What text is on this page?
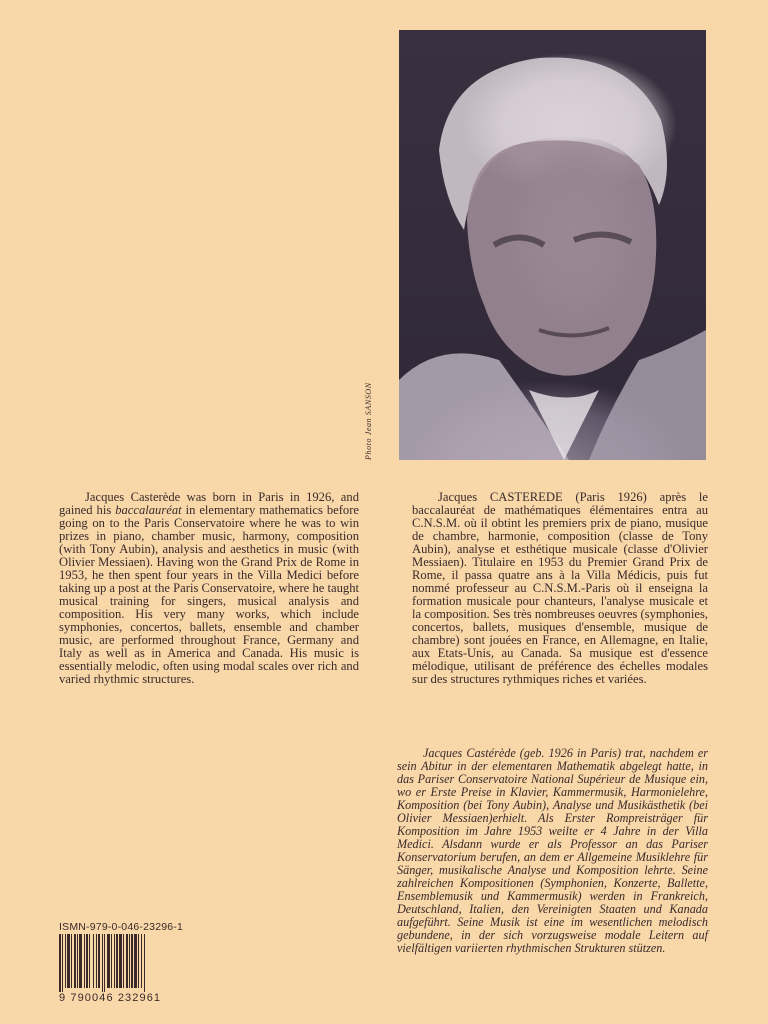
Photo Jean SANSON

Jacques Casterède was born in Paris in 1926, and gained his baccalauréat in elementary mathematics before going on to the Paris Conservatoire where he was to win prizes in piano, chamber music, harmony, composition (with Tony Aubin), analysis and aesthetics in music (with Olivier Messiaen). Having won the Grand Prix de Rome in 1953, he then spent four years in the Villa Medici before taking up a post at the Paris Conservatoire, where he taught musical training for singers, musical analysis and composition. His very many works, which include symphonies, concertos, ballets, ensemble and chamber music, are performed throughout France, Germany and Italy as well as in America and Canada. His music is essentially melodic, often using modal scales over rich and varied rhythmic structures.

Jacques CASTEREDE (Paris 1926) après le baccalauréat de mathématiques élémentaires entra au C.N.S.M. où il obtint les premiers prix de piano, musique de chambre, harmonie, composition (classe de Tony Aubin), analyse et esthétique musicale (classe d'Olivier Messiaen). Titulaire en 1953 du Premier Grand Prix de Rome, il passa quatre ans à la Villa Médicis, puis fut nommé professeur au C.N.S.M.-Paris où il enseigna la formation musicale pour chanteurs, l'analyse musicale et la composition. Ses très nombreuses oeuvres (symphonies, concertos, ballets, musiques d'ensemble, musique de chambre) sont jouées en France, en Allemagne, en Italie, aux Etats-Unis, au Canada. Sa musique est d'essence mélodique, utilisant de préférence des échelles modales sur des structures rythmiques riches et variées.

Jacques Castérède (geb. 1926 in Paris) trat, nachdem er sein Abitur in der elementaren Mathematik abgelegt hatte, in das Pariser Conservatoire National Supérieur de Musique ein, wo er Erste Preise in Klavier, Kammermusik, Harmonielehre, Komposition (bei Tony Aubin), Analyse und Musikästhetik (bei Olivier Messiaen)erhielt. Als Erster Rompreisträger für Komposition im Jahre 1953 weilte er 4 Jahre in der Villa Medici. Alsdann wurde er als Professor an das Pariser Konservatorium berufen, an dem er Allgemeine Musiklehre für Sänger, musikalische Analyse und Komposition lehrte. Seine zahlreichen Kompositionen (Symphonien, Konzerte, Ballette, Ensemblemusik und Kammermusik) werden in Frankreich, Deutschland, Italien, den Vereinigten Staaten und Kanada aufgeführt. Seine Musik ist eine im wesentlichen melodisch gebundene, in der sich vorzugsweise modale Leitern auf vielfältigen variierten rhythmischen Strukturen stützen.

ISMN-979-0-046-23296-1
9 790046 232961
